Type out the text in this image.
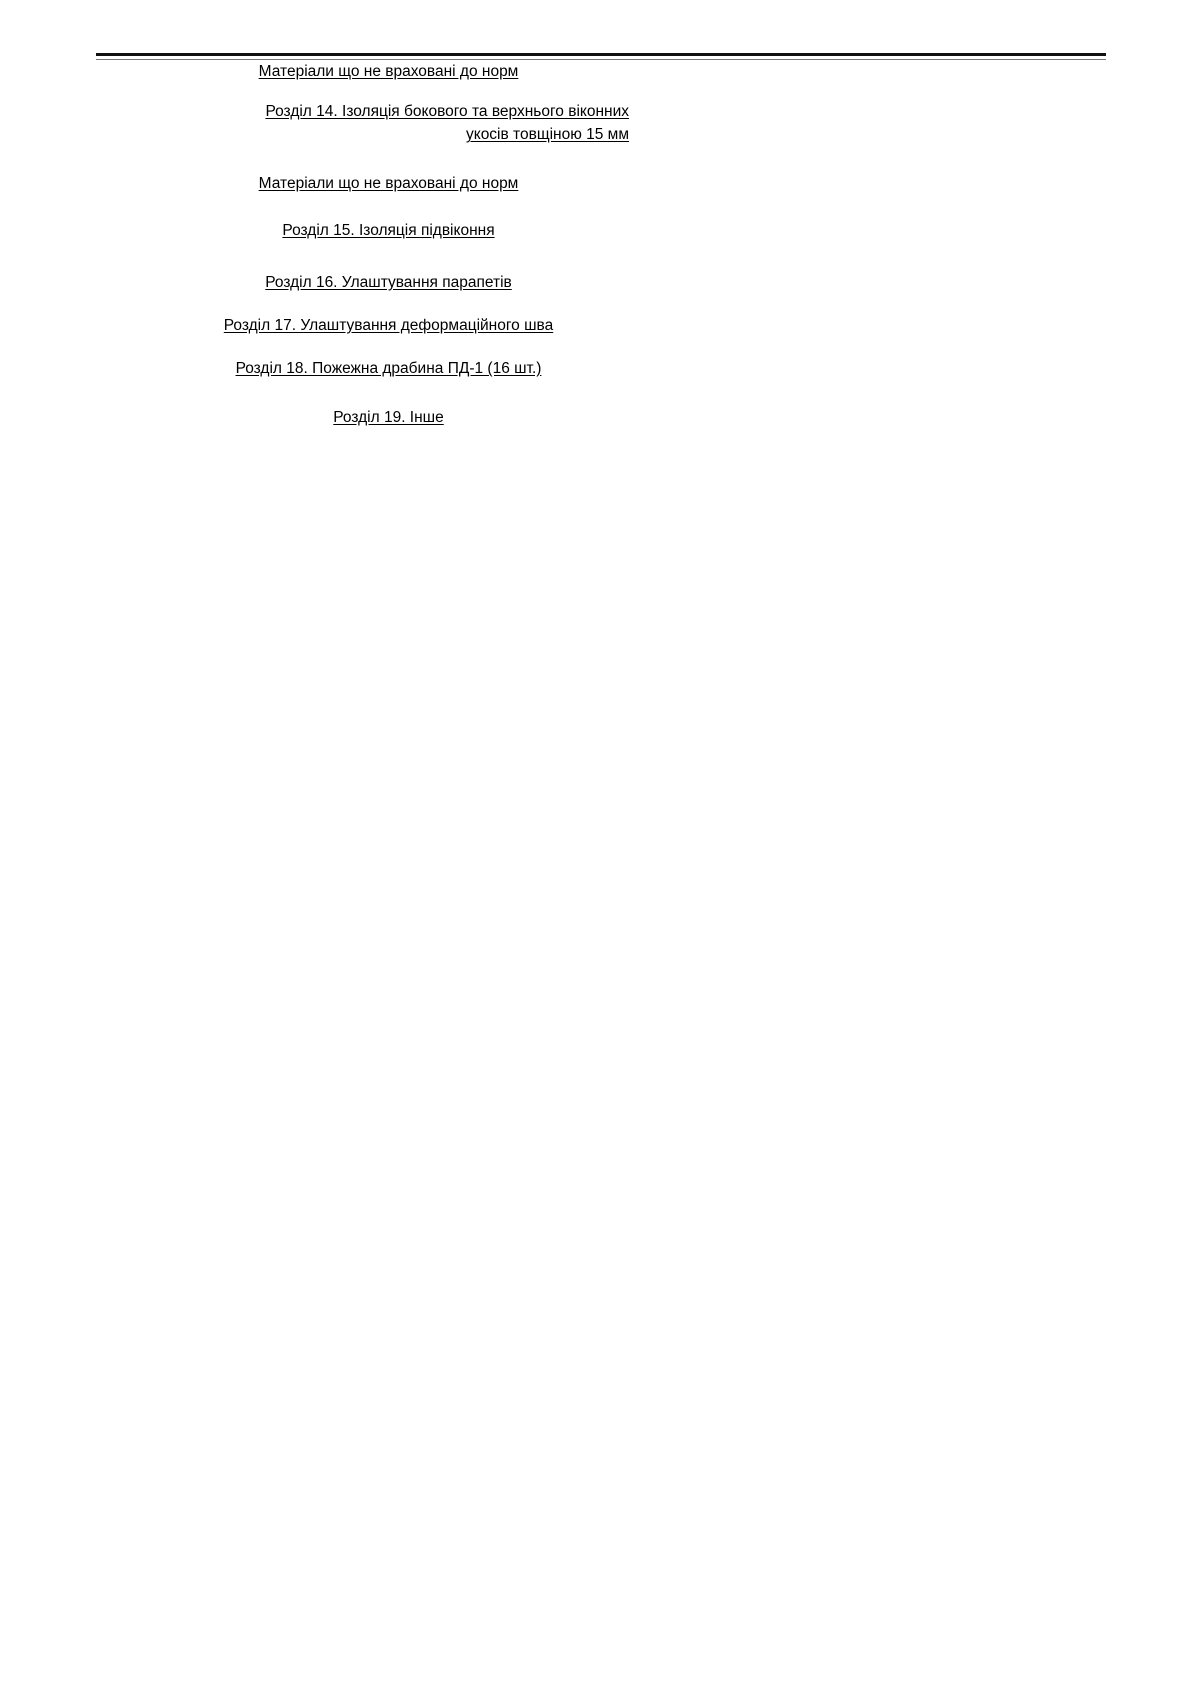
	Матеріали що не враховані до норм			

	Розділ 14. Ізоляція бокового та верхнього віконних			
	укосів товщіною 15 мм			

	Матеріали що не враховані до норм			

	Розділ 15. Ізоляція підвіконня			

	Розділ 16. Улаштування парапетів			

	Розділ 17. Улаштування деформаційного шва			

	Розділ 18. Пожежна драбина ПД-1 (16 шт.)			

	Розділ 19. Інше			
